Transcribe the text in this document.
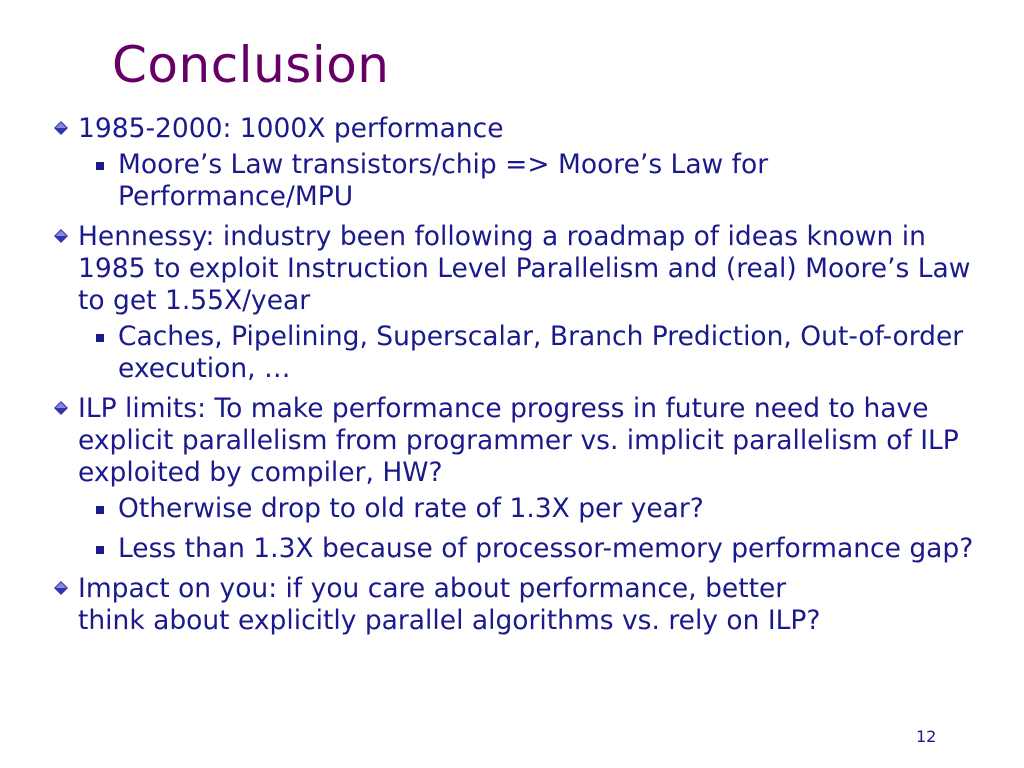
Conclusion
1985-2000: 1000X performance
Moore’s Law transistors/chip => Moore’s Law for Performance/MPU
Hennessy: industry been following a roadmap of ideas known in 1985 to exploit Instruction Level Parallelism and (real) Moore’s Law to get 1.55X/year
Caches, Pipelining, Superscalar, Branch Prediction, Out-of-order execution, …
ILP limits: To make performance progress in future need to have explicit parallelism from programmer vs. implicit parallelism of ILP exploited by compiler, HW?
Otherwise drop to old rate of 1.3X per year?
Less than 1.3X because of processor-memory performance gap?
Impact on you: if you care about performance, better think about explicitly parallel algorithms vs. rely on ILP?
12
